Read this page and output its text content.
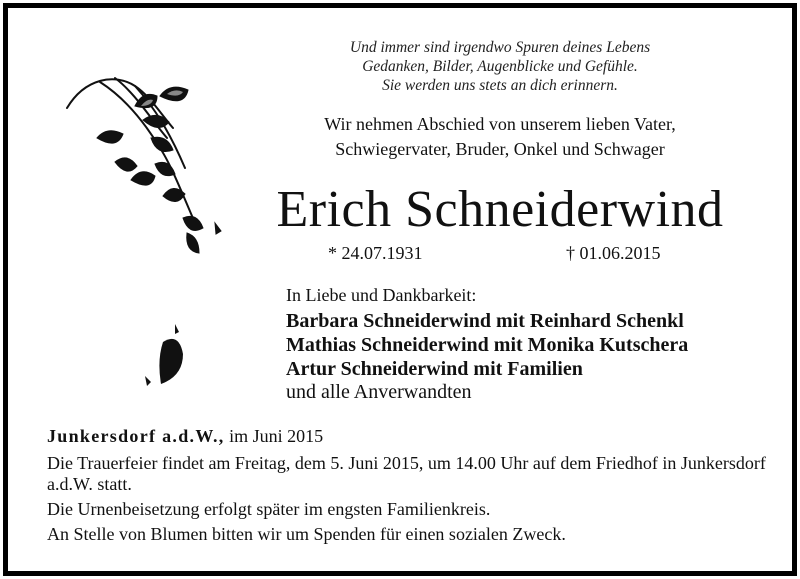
Und immer sind irgendwo Spuren deines Lebens
Gedanken, Bilder, Augenblicke und Gefühle.
Sie werden uns stets an dich erinnern.
Wir nehmen Abschied von unserem lieben Vater,
Schwiegervater, Bruder, Onkel und Schwager
Erich Schneiderwind
* 24.07.1931	† 01.06.2015
In Liebe und Dankbarkeit:
Barbara Schneiderwind mit Reinhard Schenkl
Mathias Schneiderwind mit Monika Kutschera
Artur Schneiderwind mit Familien
und alle Anverwandten
Junkersdorf a.d.W., im Juni 2015
Die Trauerfeier findet am Freitag, dem 5. Juni 2015, um 14.00 Uhr auf dem Friedhof in Junkersdorf a.d.W. statt.
Die Urnenbeisetzung erfolgt später im engsten Familienkreis.
An Stelle von Blumen bitten wir um Spenden für einen sozialen Zweck.
